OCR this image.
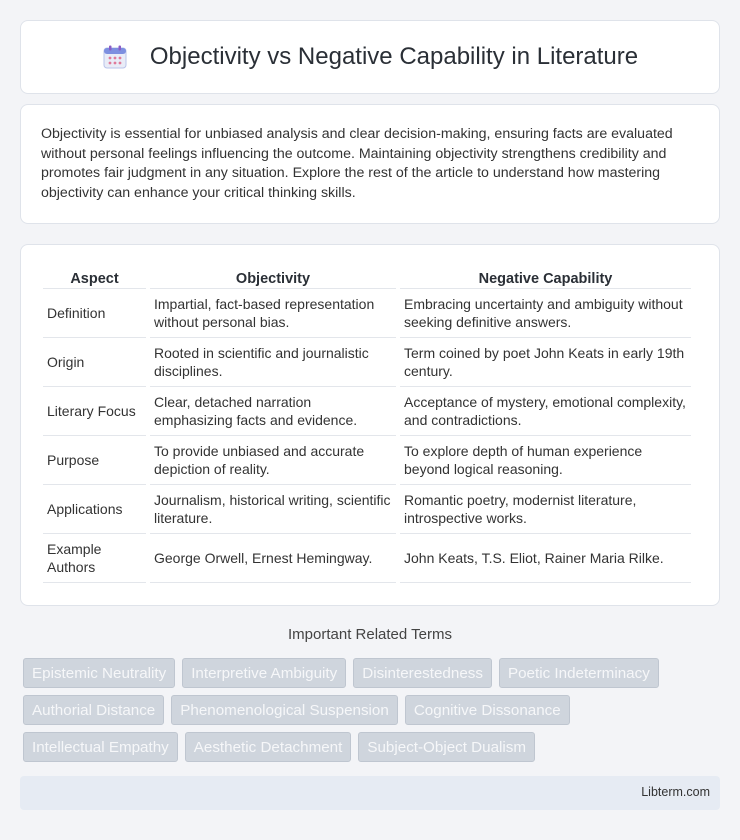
Objectivity vs Negative Capability in Literature

Objectivity is essential for unbiased analysis and clear decision-making, ensuring facts are evaluated without personal feelings influencing the outcome. Maintaining objectivity strengthens credibility and promotes fair judgment in any situation. Explore the rest of the article to understand how mastering objectivity can enhance your critical thinking skills.

Aspect	Objectivity	Negative Capability
Definition	Impartial, fact-based representation without personal bias.	Embracing uncertainty and ambiguity without seeking definitive answers.
Origin	Rooted in scientific and journalistic disciplines.	Term coined by poet John Keats in early 19th century.
Literary Focus	Clear, detached narration emphasizing facts and evidence.	Acceptance of mystery, emotional complexity, and contradictions.
Purpose	To provide unbiased and accurate depiction of reality.	To explore depth of human experience beyond logical reasoning.
Applications	Journalism, historical writing, scientific literature.	Romantic poetry, modernist literature, introspective works.
Example Authors	George Orwell, Ernest Hemingway.	John Keats, T.S. Eliot, Rainer Maria Rilke.
Important Related Terms
Epistemic Neutrality	Interpretive Ambiguity	Disinterestedness	Poetic Indeterminacy
Authorial Distance	Phenomenological Suspension	Cognitive Dissonance
Intellectual Empathy	Aesthetic Detachment	Subject-Object Dualism
Libterm.com
